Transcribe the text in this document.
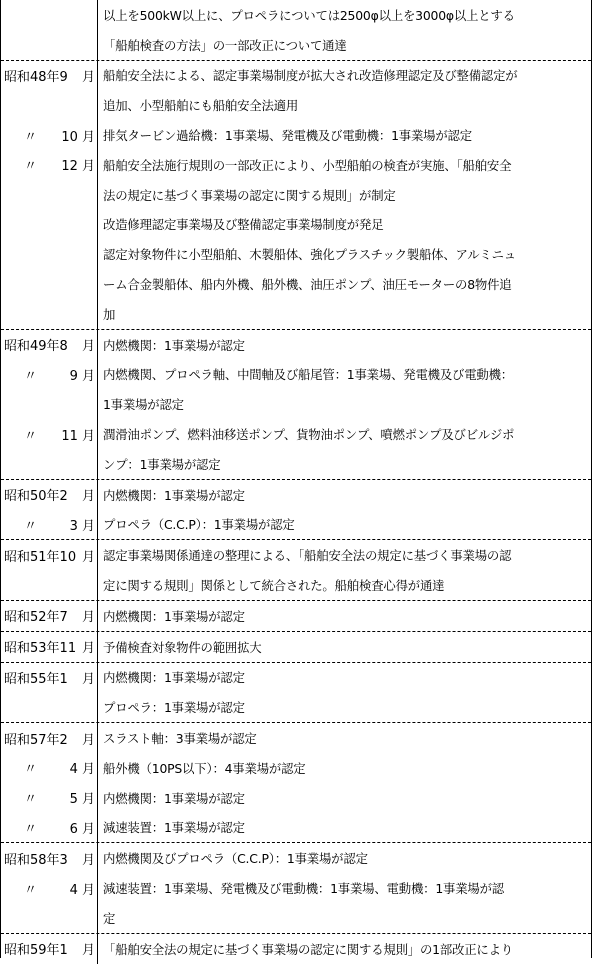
以上を500kW以上に、プロペラについては2500φ以上を3000φ以上とする
「船舶検査の方法」の一部改正について通達
昭和48年9 月 船舶安全法による、認定事業場制度が拡大され改造修理認定及び整備認定が
追加、小型船舶にも船舶安全法適用
〃 10 月 排気タービン過給機：1事業場、発電機及び電動機：1事業場が認定
〃 12 月 船舶安全法施行規則の一部改正により、小型船舶の検査が実施、「船舶安全
法の規定に基づく事業場の認定に関する規則」が制定
改造修理認定事業場及び整備認定事業場制度が発足
認定対象物件に小型船舶、木製船体、強化プラスチック製船体、アルミニュ
ーム合金製船体、船内外機、船外機、油圧ポンプ、油圧モーターの8物件追
加
昭和49年8 月 内燃機関：1事業場が認定
〃	9 月 内燃機関、プロペラ軸、中間軸及び船尾管：1事業場、発電機及び電動機：
1事業場が認定
〃 11 月 潤滑油ポンプ、燃料油移送ポンプ、貨物油ポンプ、噴燃ポンプ及びビルジポ
ンプ：1事業場が認定
昭和50年2 月 内燃機関：1事業場が認定
〃	3 月 プロペラ（C.C.P）：1事業場が認定
昭和51年10 月 認定事業場関係通達の整理による、「船舶安全法の規定に基づく事業場の認
定に関する規則」関係として統合された。船舶検査心得が通達
昭和52年7 月 内燃機関：1事業場が認定
昭和53年11 月 予備検査対象物件の範囲拡大
昭和55年1 月 内燃機関：1事業場が認定
プロペラ：1事業場が認定
昭和57年2 月 スラスト軸：3事業場が認定
〃	4 月 船外機（10PS以下）：4事業場が認定
〃	5 月 内燃機関：1事業場が認定
〃	6 月 減速装置：1事業場が認定
昭和58年3 月 内燃機関及びプロペラ（C.C.P）：1事業場が認定
〃	4 月 減速装置：1事業場、発電機及び電動機：1事業場、電動機：1事業場が認
定
昭和59年1 月 「船舶安全法の規定に基づく事業場の認定に関する規則」の1部改正により
